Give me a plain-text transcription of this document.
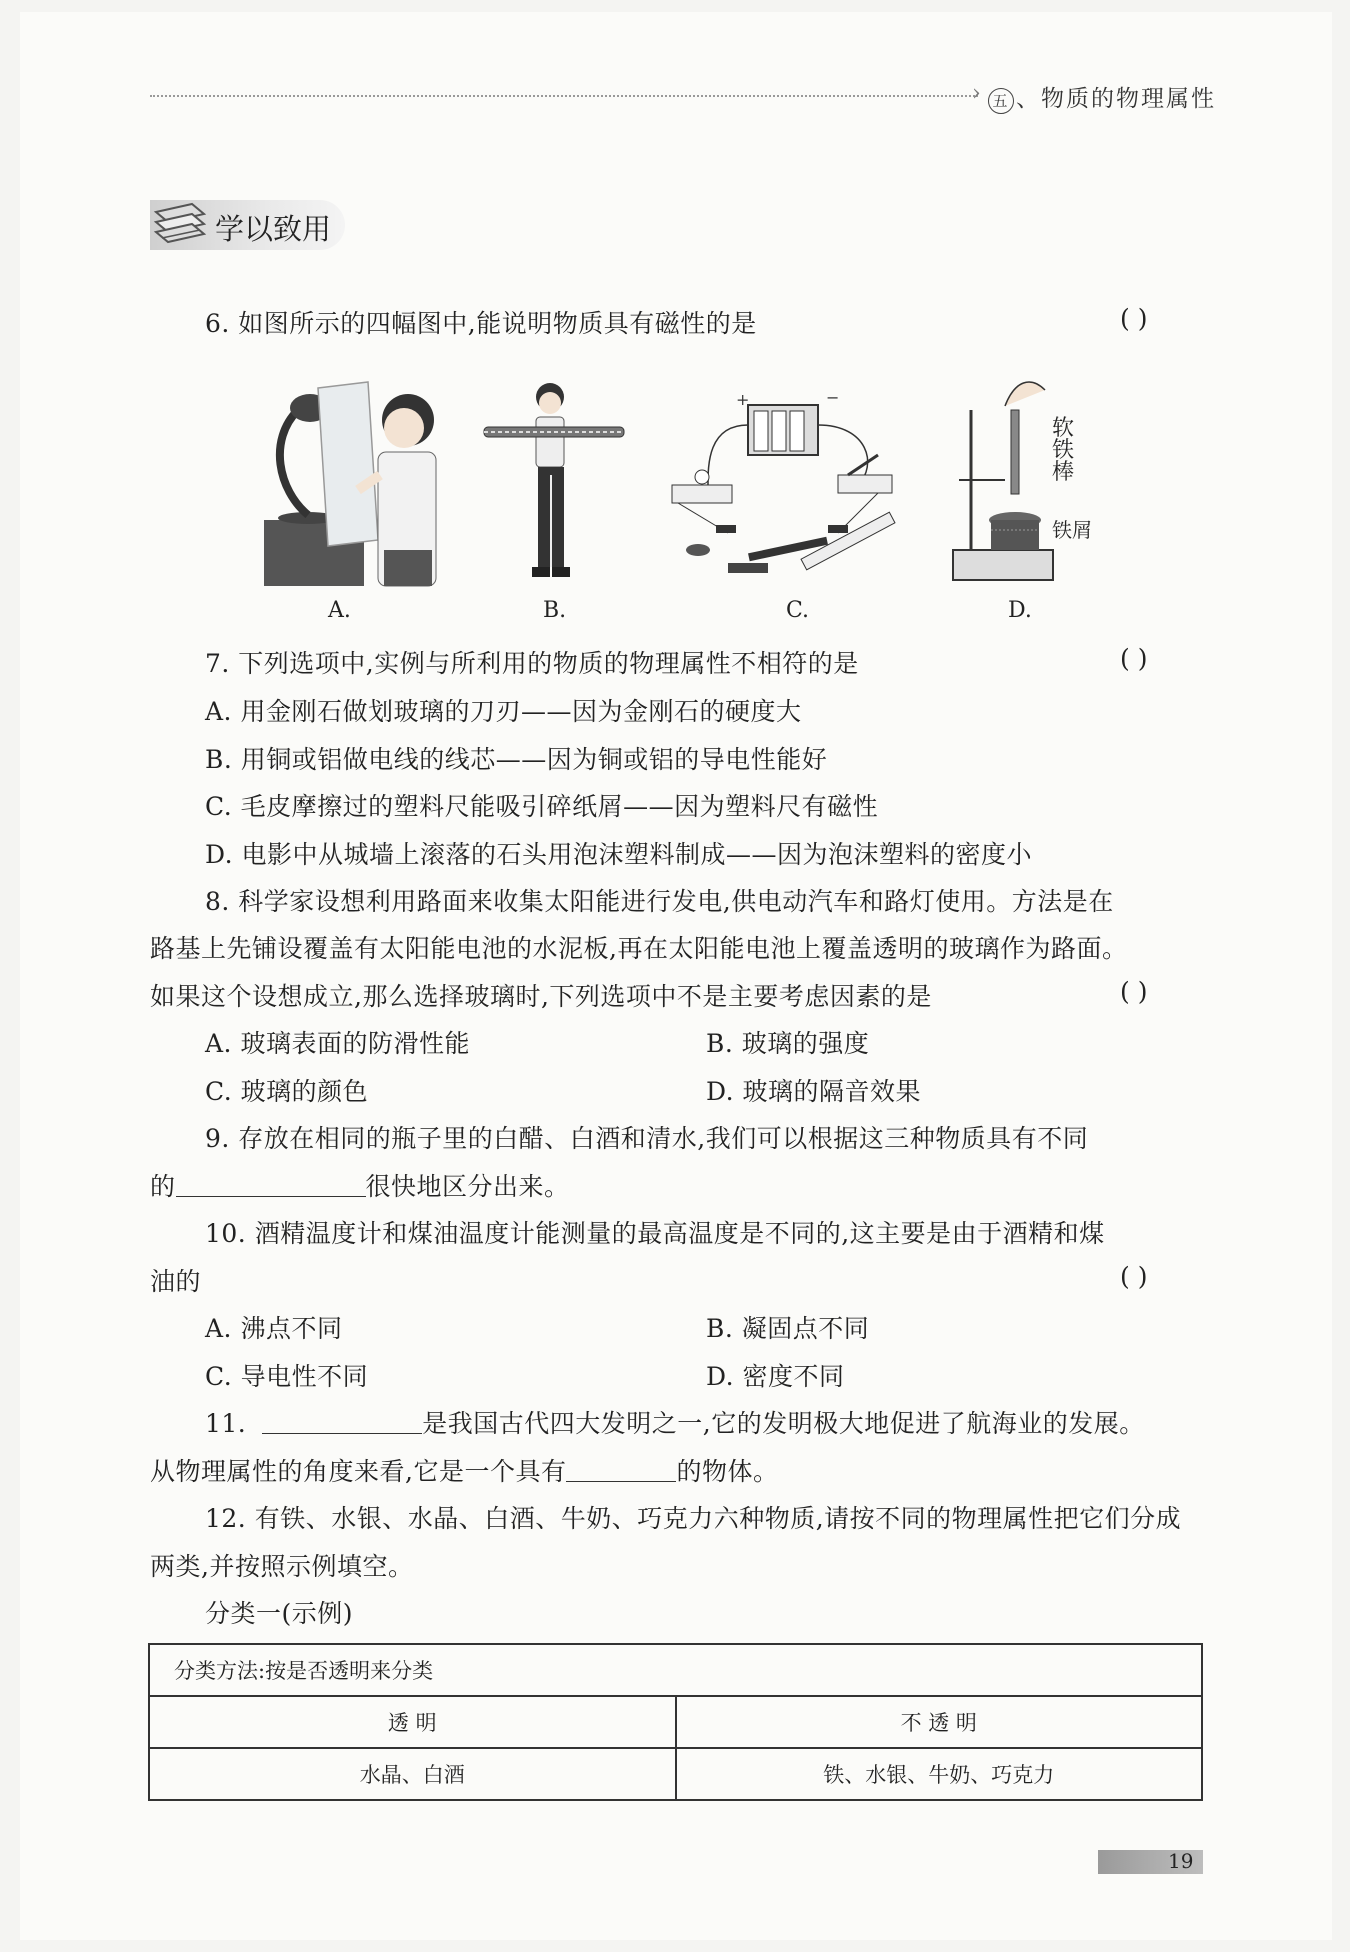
› 五 、物质的物理属性
学以致用
6. 如图所示的四幅图中,能说明物质具有磁性的是	( )
A.	B.
+	−
C.
软
铁
棒
铁屑
D.
7. 下列选项中,实例与所利用的物质的物理属性不相符的是	( )
A. 用金刚石做划玻璃的刀刃——因为金刚石的硬度大
B. 用铜或铝做电线的线芯——因为铜或铝的导电性能好
C. 毛皮摩擦过的塑料尺能吸引碎纸屑——因为塑料尺有磁性
D. 电影中从城墙上滚落的石头用泡沫塑料制成——因为泡沫塑料的密度小
8. 科学家设想利用路面来收集太阳能进行发电,供电动汽车和路灯使用。方法是在
路基上先铺设覆盖有太阳能电池的水泥板,再在太阳能电池上覆盖透明的玻璃作为路面。
如果这个设想成立,那么选择玻璃时,下列选项中不是主要考虑因素的是	( )
A. 玻璃表面的防滑性能	B. 玻璃的强度
C. 玻璃的颜色	D. 玻璃的隔音效果
9. 存放在相同的瓶子里的白醋、白酒和清水,我们可以根据这三种物质具有不同
的	很快地区分出来。
10. 酒精温度计和煤油温度计能测量的最高温度是不同的,这主要是由于酒精和煤
油的	( )
A. 沸点不同	B. 凝固点不同
C. 导电性不同	D. 密度不同
11.	是我国古代四大发明之一,它的发明极大地促进了航海业的发展。
从物理属性的角度来看,它是一个具有	的物体。
12. 有铁、水银、水晶、白酒、牛奶、巧克力六种物质,请按不同的物理属性把它们分成
两类,并按照示例填空。
分类一(示例)
分类方法:按是否透明来分类	
透 明	不 透 明
水晶、白酒	铁、水银、牛奶、巧克力
19
